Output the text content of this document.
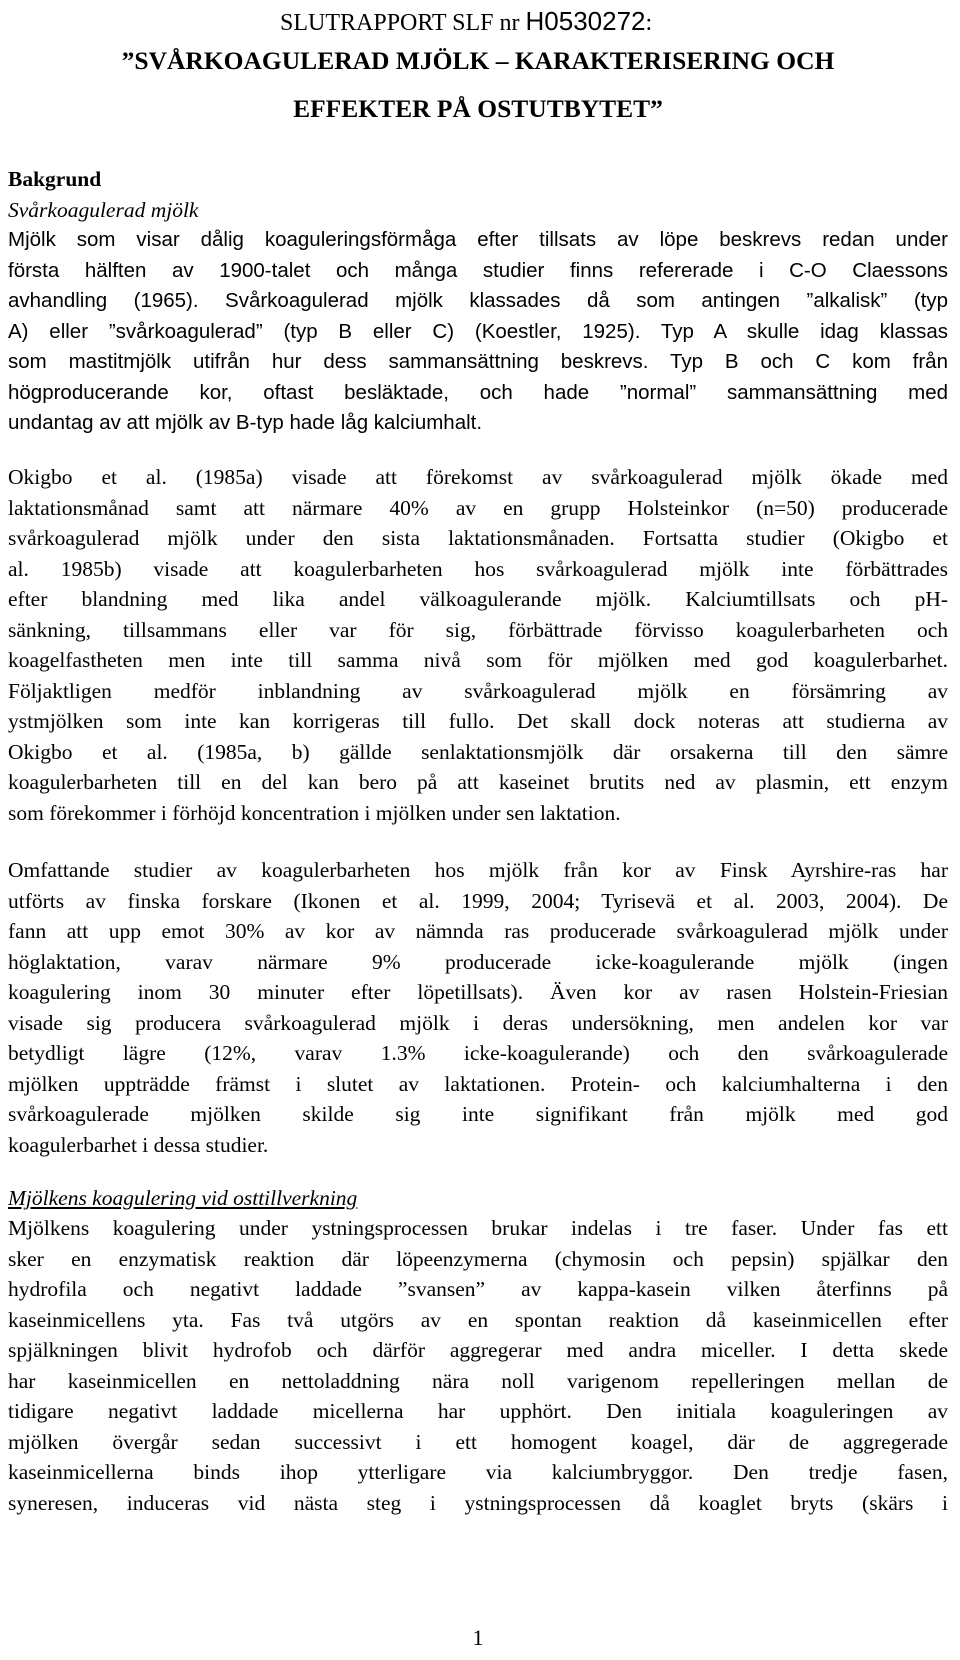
SLUTRAPPORT SLF nr H0530272:
”SVÅRKOAGULERAD MJÖLK – KARAKTERISERING OCH
EFFEKTER PÅ OSTUTBYTET”
Bakgrund
Svårkoagulerad mjölk
Mjölk som visar dålig koaguleringsförmåga efter tillsats av löpe beskrevs redan under
första hälften av 1900-talet och många studier finns refererade i C-O Claessons
avhandling (1965). Svårkoagulerad mjölk klassades då som antingen ”alkalisk” (typ
A) eller ”svårkoagulerad” (typ B eller C) (Koestler, 1925). Typ A skulle idag klassas
som mastitmjölk utifrån hur dess sammansättning beskrevs. Typ B och C kom från
högproducerande kor, oftast besläktade, och hade ”normal” sammansättning med
undantag av att mjölk av B-typ hade låg kalciumhalt.
Okigbo et al. (1985a) visade att förekomst av svårkoagulerad mjölk ökade med
laktationsmånad samt att närmare 40% av en grupp Holsteinkor (n=50) producerade
svårkoagulerad mjölk under den sista laktationsmånaden. Fortsatta studier (Okigbo et
al. 1985b) visade att koagulerbarheten hos svårkoagulerad mjölk inte förbättrades
efter blandning med lika andel välkoagulerande mjölk. Kalciumtillsats och pH-
sänkning, tillsammans eller var för sig, förbättrade förvisso koagulerbarheten och
koagelfastheten men inte till samma nivå som för mjölken med god koagulerbarhet.
Följaktligen medför inblandning av svårkoagulerad mjölk en försämring av
ystmjölken som inte kan korrigeras till fullo. Det skall dock noteras att studierna av
Okigbo et al. (1985a, b) gällde senlaktationsmjölk där orsakerna till den sämre
koagulerbarheten till en del kan bero på att kaseinet brutits ned av plasmin, ett enzym
som förekommer i förhöjd koncentration i mjölken under sen laktation.
Omfattande studier av koagulerbarheten hos mjölk från kor av Finsk Ayrshire-ras har
utförts av finska forskare (Ikonen et al. 1999, 2004; Tyrisevä et al. 2003, 2004). De
fann att upp emot 30% av kor av nämnda ras producerade svårkoagulerad mjölk under
höglaktation, varav närmare 9% producerade icke-koagulerande mjölk (ingen
koagulering inom 30 minuter efter löpetillsats). Även kor av rasen Holstein-Friesian
visade sig producera svårkoagulerad mjölk i deras undersökning, men andelen kor var
betydligt lägre (12%, varav 1.3% icke-koagulerande) och den svårkoagulerade
mjölken uppträdde främst i slutet av laktationen. Protein- och kalciumhalterna i den
svårkoagulerade mjölken skilde sig inte signifikant från mjölk med god
koagulerbarhet i dessa studier.
Mjölkens koagulering vid osttillverkning
Mjölkens koagulering under ystningsprocessen brukar indelas i tre faser. Under fas ett
sker en enzymatisk reaktion där löpeenzymerna (chymosin och pepsin) spjälkar den
hydrofila och negativt laddade ”svansen” av kappa-kasein vilken återfinns på
kaseinmicellens yta. Fas två utgörs av en spontan reaktion då kaseinmicellen efter
spjälkningen blivit hydrofob och därför aggregerar med andra miceller. I detta skede
har kaseinmicellen en nettoladdning nära noll varigenom repelleringen mellan de
tidigare negativt laddade micellerna har upphört. Den initiala koaguleringen av
mjölken övergår sedan successivt i ett homogent koagel, där de aggregerade
kaseinmicellerna binds ihop ytterligare via kalciumbryggor. Den tredje fasen,
syneresen, induceras vid nästa steg i ystningsprocessen då koaglet bryts (skärs i
1
